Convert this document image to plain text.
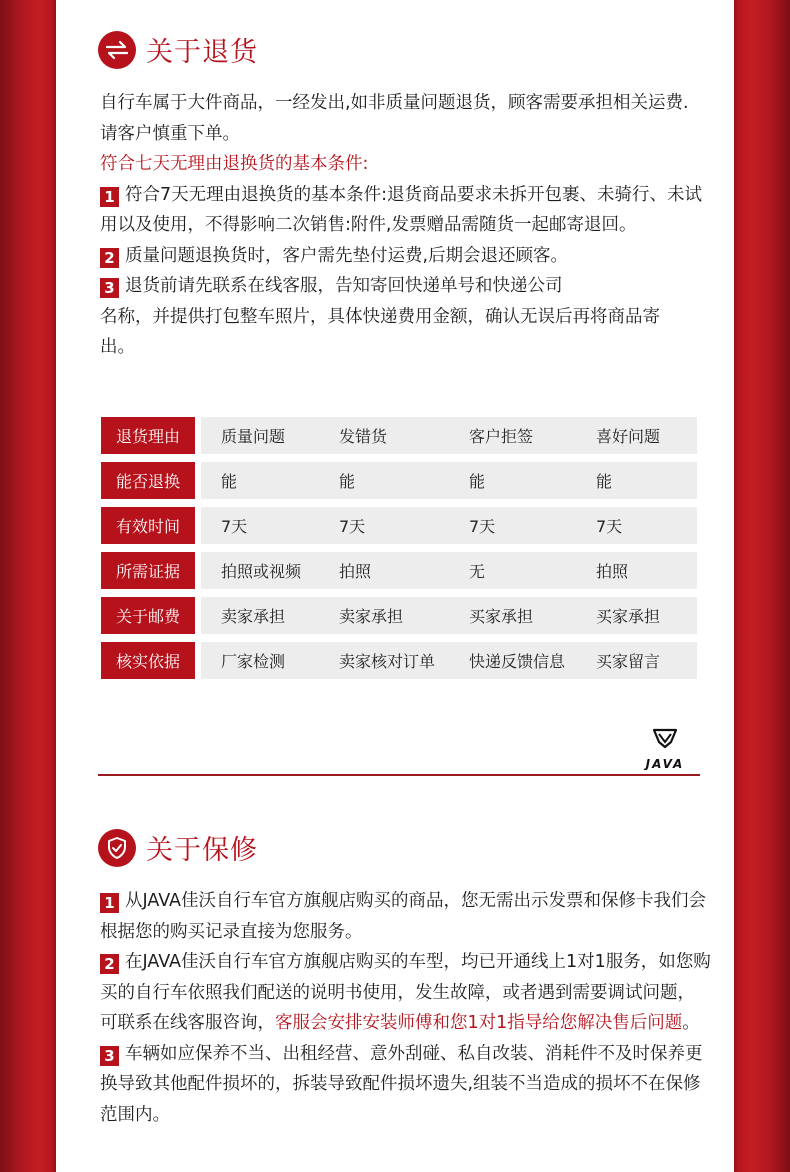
关于退货

自行车属于大件商品，一经发出,如非质量问题退货，顾客需要承担相关运费.请客户慎重下单。

符合七天无理由退换货的基本条件:

1 符合7天无理由退换货的基本条件:退货商品要求未拆开包裹、未骑行、未试用以及使用，不得影响二次销售:附件,发票赠品需随货一起邮寄退回。

2 质量问题退换货时，客户需先垫付运费,后期会退还顾客。

3 退货前请先联系在线客服，告知寄回快递单号和快递公司

名称，并提供打包整车照片，具体快递费用金额，确认无误后再将商品寄出。

退货理由	质量问题	发错货	客户拒签	喜好问题

能否退换	能	能	能	能

有效时间	7天	7天	7天	7天

所需证据	拍照或视频	拍照	无	拍照

关于邮费	卖家承担	卖家承担	买家承担	买家承担

核实依据	厂家检测	卖家核对订单	快递反馈信息	买家留言
JAVA
关于保修

1 从JAVA佳沃自行车官方旗舰店购买的商品，您无需出示发票和保修卡我们会根据您的购买记录直接为您服务。

2 在JAVA佳沃自行车官方旗舰店购买的车型，均已开通线上1对1服务，如您购买的自行车依照我们配送的说明书使用，发生故障，或者遇到需要调试问题，可联系在线客服咨询，客服会安排安装师傅和您1对1指导给您解决售后问题。

3 车辆如应保养不当、出租经营、意外刮碰、私自改装、消耗件不及时保养更换导致其他配件损坏的，拆装导致配件损坏遗失,组装不当造成的损坏不在保修范围内。
